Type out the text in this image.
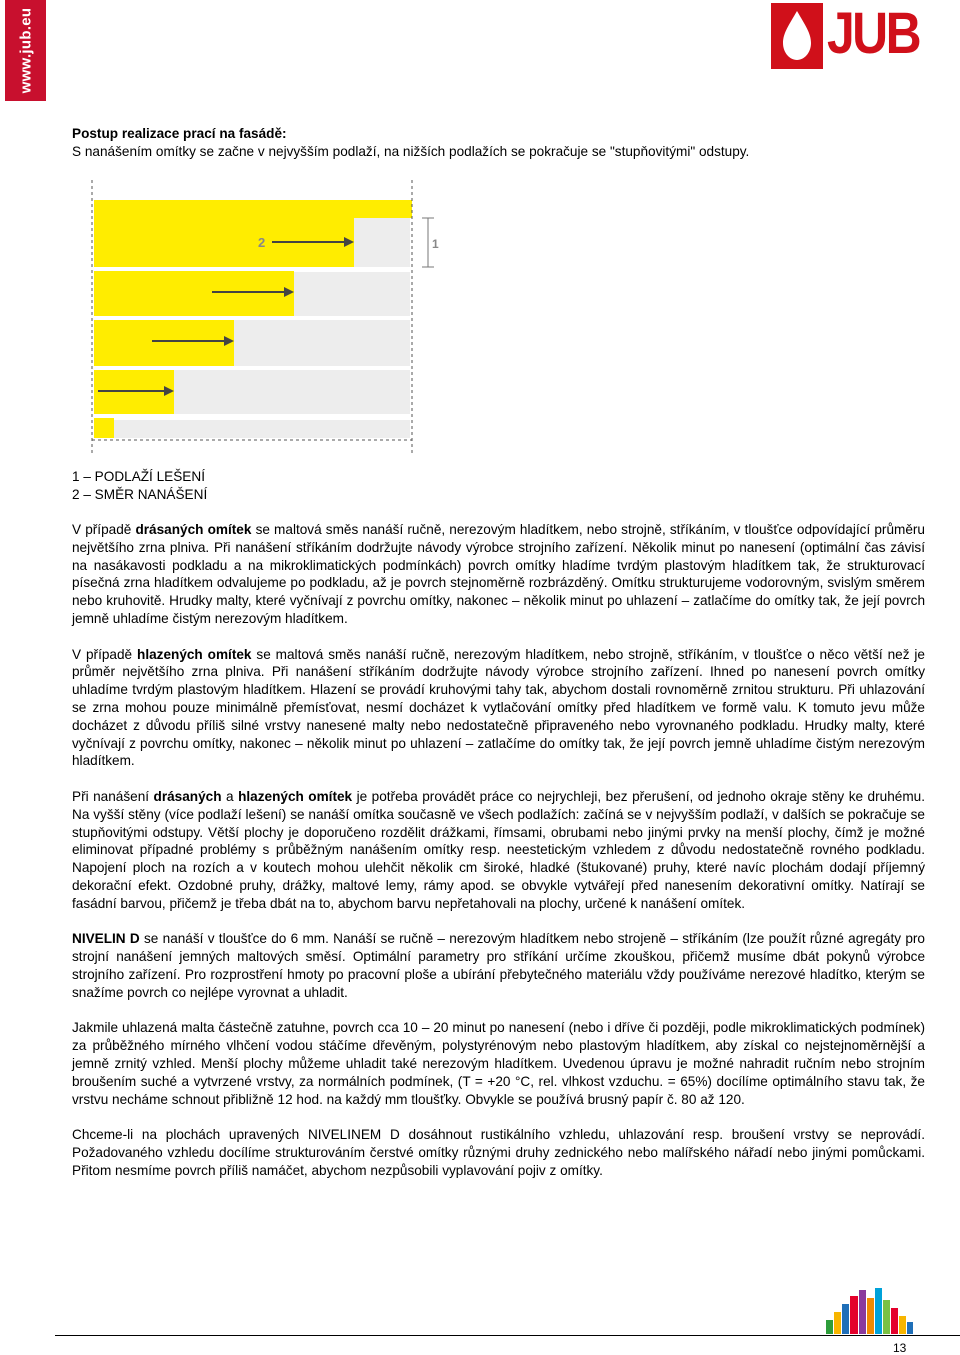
www.jub.eu	JUB

Postup realizace prací na fasádě:

S nanášením omítky se začne v nejvyšším podlaží, na nižších podlažích se pokračuje se "stupňovitými" odstupy.

1
2

1 – PODLAŽÍ LEŠENÍ

2 – SMĚR NANÁŠENÍ

V případě drásaných omítek se maltová směs nanáší ručně, nerezovým hladítkem, nebo strojně, stříkáním, v tloušťce odpovídající průměru největšího zrna plniva. Při nanášení stříkáním dodržujte návody výrobce strojního zařízení. Několik minut po nanesení (optimální čas závisí na nasákavosti podkladu a na mikroklimatických podmínkách) povrch omítky hladíme tvrdým plastovým hladítkem tak, že strukturovací písečná zrna hladítkem odvalujeme po podkladu, až je povrch stejnoměrně rozbrázděný. Omítku strukturujeme vodorovným, svislým směrem nebo kruhovitě. Hrudky malty, které vyčnívají z povrchu omítky, nakonec – několik minut po uhlazení – zatlačíme do omítky tak, že její povrch jemně uhladíme čistým nerezovým hladítkem.

V případě hlazených omítek se maltová směs nanáší ručně, nerezovým hladítkem, nebo strojně, stříkáním, v tloušťce o něco větší než je průměr největšího zrna plniva. Při nanášení stříkáním dodržujte návody výrobce strojního zařízení. Ihned po nanesení povrch omítky uhladíme tvrdým plastovým hladítkem. Hlazení se provádí kruhovými tahy tak, abychom dostali rovnoměrně zrnitou strukturu. Při uhlazování se zrna mohou pouze minimálně přemísťovat, nesmí docházet k vytlačování omítky před hladítkem ve formě valu. K tomuto jevu může docházet z důvodu příliš silné vrstvy nanesené malty nebo nedostatečně připraveného nebo vyrovnaného podkladu. Hrudky malty, které vyčnívají z povrchu omítky, nakonec – několik minut po uhlazení – zatlačíme do omítky tak, že její povrch jemně uhladíme čistým nerezovým hladítkem.

Při nanášení drásaných a hlazených omítek je potřeba provádět práce co nejrychleji, bez přerušení, od jednoho okraje stěny ke druhému. Na vyšší stěny (více podlaží lešení) se nanáší omítka současně ve všech podlažích: začíná se v nejvyšším podlaží, v dalších se pokračuje se stupňovitými odstupy. Větší plochy je doporučeno rozdělit drážkami, římsami, obrubami nebo jinými prvky na menší plochy, čímž je možné eliminovat případné problémy s průběžným nanášením omítky resp. neestetickým vzhledem z důvodu nedostatečně rovného podkladu. Napojení ploch na rozích a v koutech mohou ulehčit několik cm široké, hladké (štukované) pruhy, které navíc plochám dodají příjemný dekorační efekt. Ozdobné pruhy, drážky, maltové lemy, rámy apod. se obvykle vytvářejí před nanesením dekorativní omítky. Natírají se fasádní barvou, přičemž je třeba dbát na to, abychom barvu nepřetahovali na plochy, určené k nanášení omítek.

NIVELIN D se nanáší v tloušťce do 6 mm. Nanáší se ručně – nerezovým hladítkem nebo strojeně – stříkáním (lze použít různé agregáty pro strojní nanášení jemných maltových směsí. Optimální parametry pro stříkání určíme zkouškou, přičemž musíme dbát pokynů výrobce strojního zařízení. Pro rozprostření hmoty po pracovní ploše a ubírání přebytečného materiálu vždy používáme nerezové hladítko, kterým se snažíme povrch co nejlépe vyrovnat a uhladit.

Jakmile uhlazená malta částečně zatuhne, povrch cca 10 – 20 minut po nanesení (nebo i dříve či později, podle mikroklimatických podmínek) za průběžného mírného vlhčení vodou stáčíme dřevěným, polystyrénovým nebo plastovým hladítkem, aby získal co nejstejnoměrnější a jemně zrnitý vzhled. Menší plochy můžeme uhladit také nerezovým hladítkem. Uvedenou úpravu je možné nahradit ručním nebo strojním broušením suché a vytvrzené vrstvy, za normálních podmínek, (T = +20 °C, rel. vlhkost vzduchu. = 65%) docílíme optimálního stavu tak, že vrstvu necháme schnout přibližně 12 hod. na každý mm tloušťky. Obvykle se používá brusný papír č. 80 až 120.

Chceme-li na plochách upravených NIVELINEM D dosáhnout rustikálního vzhledu, uhlazování resp. broušení vrstvy se neprovádí. Požadovaného vzhledu docílíme strukturováním čerstvé omítky různými druhy zednického nebo malířského nářadí nebo jinými pomůckami. Přitom nesmíme povrch příliš namáčet, abychom nezpůsobili vyplavování pojiv z omítky.

13
